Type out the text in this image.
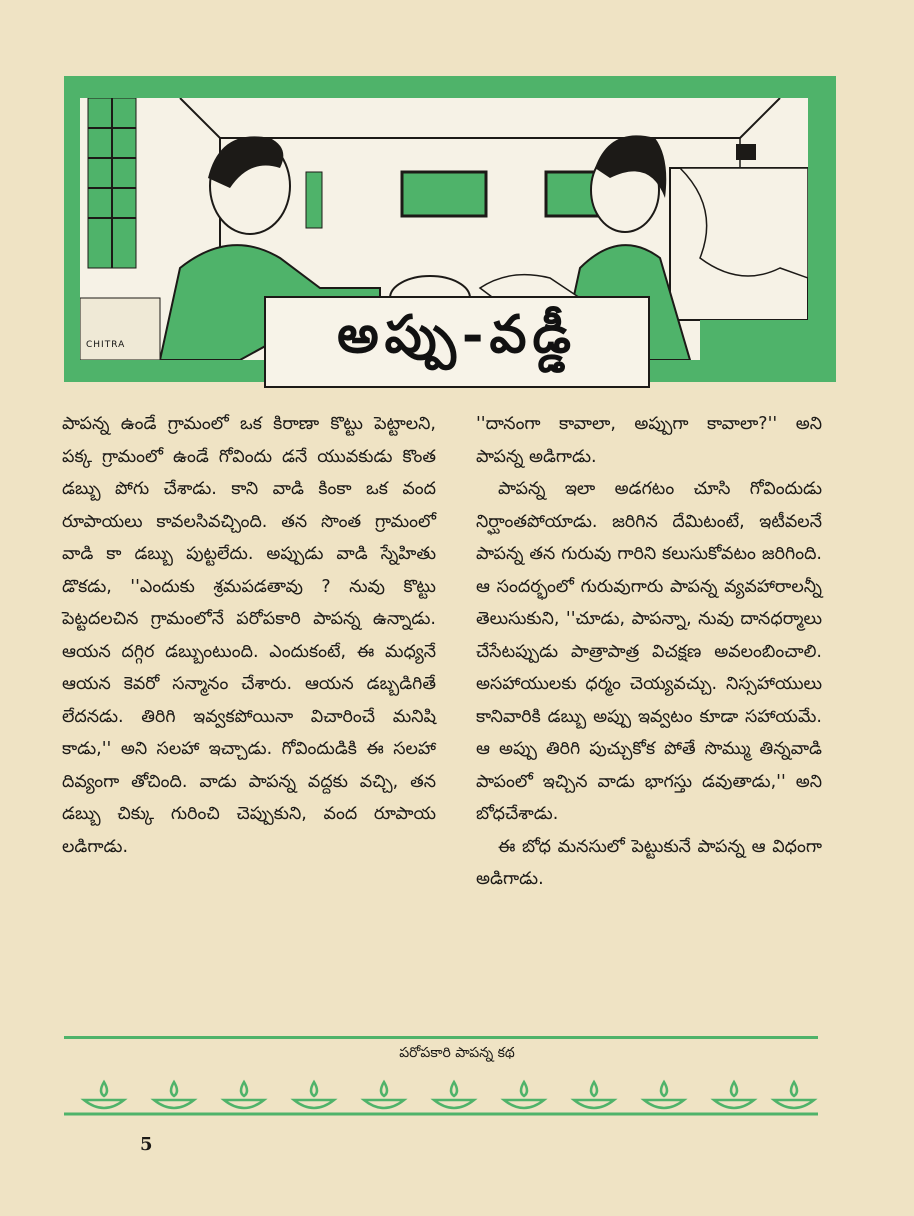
CHITRA	అప్పు-వడ్డీ

పాపన్న ఉండే గ్రామంలో ఒక కిరాణా కొట్టు పెట్టాలని, పక్క గ్రామంలో ఉండే గోవిందు డనే యువకుడు కొంత డబ్బు పోగు చేశాడు. కాని వాడి కింకా ఒక వంద రూపాయలు కావలసివచ్చింది. తన సొంత గ్రామంలో వాడి కా డబ్బు పుట్టలేదు. అప్పుడు వాడి స్నేహితు డొకడు, ''ఎందుకు శ్రమపడతావు ? నువు కొట్టు పెట్టదలచిన గ్రామంలోనే పరోపకారి పాపన్న ఉన్నాడు. ఆయన దగ్గిర డబ్బుంటుంది. ఎందుకంటే, ఈ మధ్యనే ఆయన కెవరో సన్మానం చేశారు. ఆయన డబ్బడిగితే లేదనడు. తిరిగి ఇవ్వకపోయినా విచారించే మనిషి కాడు,'' అని సలహా ఇచ్చాడు. గోవిందుడికి ఈ సలహా దివ్యంగా తోచింది. వాడు పాపన్న వద్దకు వచ్చి, తన డబ్బు చిక్కు గురించి చెప్పుకుని, వంద రూపాయ లడిగాడు.

''దానంగా కావాలా, అప్పుగా కావాలా?'' అని పాపన్న అడిగాడు.

పాపన్న ఇలా అడగటం చూసి గోవిందుడు నిర్ఘాంతపోయాడు. జరిగిన దేమిటంటే, ఇటీవలనే పాపన్న తన గురువు గారిని కలుసుకోవటం జరిగింది. ఆ సందర్భంలో గురువుగారు పాపన్న వ్యవహారాలన్నీ తెలుసుకుని, ''చూడు, పాపన్నా, నువు దానధర్మాలు చేసేటప్పుడు పాత్రాపాత్ర విచక్షణ అవలంబించాలి. అసహాయులకు ధర్మం చెయ్యవచ్చు. నిస్సహాయులు కానివారికి డబ్బు అప్పు ఇవ్వటం కూడా సహాయమే. ఆ అప్పు తిరిగి పుచ్చుకోక పోతే సొమ్ము తిన్నవాడి పాపంలో ఇచ్చిన వాడు భాగస్తు డవుతాడు,'' అని బోధచేశాడు.

ఈ బోధ మనసులో పెట్టుకునే పాపన్న ఆ విధంగా అడిగాడు.

పరోపకారి పాపన్న కథ
5
